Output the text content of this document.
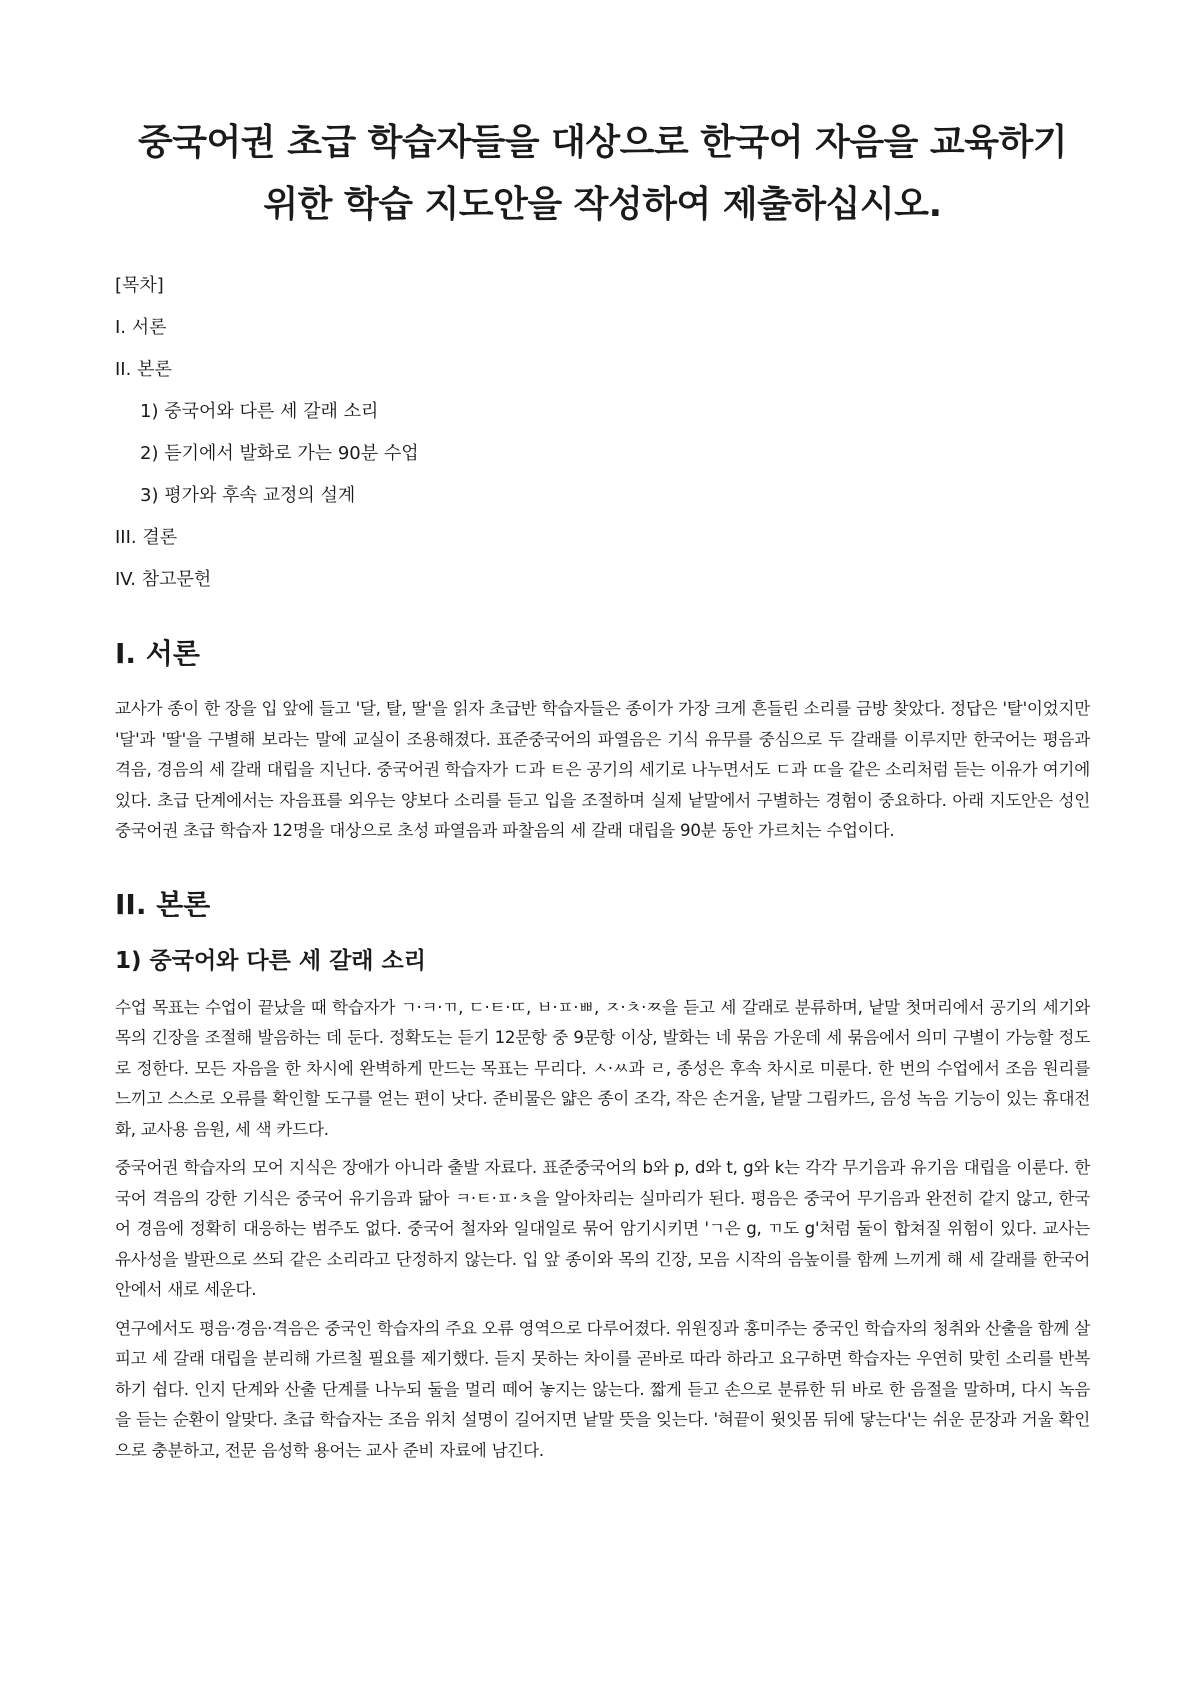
중국어권 초급 학습자들을 대상으로 한국어 자음을 교육하기 위한 학습 지도안을 작성하여 제출하십시오.
[목차]
I. 서론
II. 본론
1) 중국어와 다른 세 갈래 소리
2) 듣기에서 발화로 가는 90분 수업
3) 평가와 후속 교정의 설계
III. 결론
IV. 참고문헌
I. 서론

교사가 종이 한 장을 입 앞에 들고 '달, 탈, 딸'을 읽자 초급반 학습자들은 종이가 가장 크게 흔들린 소리를 금방 찾았다. 정답은 '탈'이었지만 '달'과 '딸'을 구별해 보라는 말에 교실이 조용해졌다. 표준중국어의 파열음은 기식 유무를 중심으로 두 갈래를 이루지만 한국어는 평음과 격음, 경음의 세 갈래 대립을 지닌다. 중국어권 학습자가 ㄷ과 ㅌ은 공기의 세기로 나누면서도 ㄷ과 ㄸ을 같은 소리처럼 듣는 이유가 여기에 있다. 초급 단계에서는 자음표를 외우는 양보다 소리를 듣고 입을 조절하며 실제 낱말에서 구별하는 경험이 중요하다. 아래 지도안은 성인 중국어권 초급 학습자 12명을 대상으로 초성 파열음과 파찰음의 세 갈래 대립을 90분 동안 가르치는 수업이다.

II. 본론
1) 중국어와 다른 세 갈래 소리

수업 목표는 수업이 끝났을 때 학습자가 ㄱ·ㅋ·ㄲ, ㄷ·ㅌ·ㄸ, ㅂ·ㅍ·ㅃ, ㅈ·ㅊ·ㅉ을 듣고 세 갈래로 분류하며, 낱말 첫머리에서 공기의 세기와 목의 긴장을 조절해 발음하는 데 둔다. 정확도는 듣기 12문항 중 9문항 이상, 발화는 네 묶음 가운데 세 묶음에서 의미 구별이 가능할 정도로 정한다. 모든 자음을 한 차시에 완벽하게 만드는 목표는 무리다. ㅅ·ㅆ과 ㄹ, 종성은 후속 차시로 미룬다. 한 번의 수업에서 조음 원리를 느끼고 스스로 오류를 확인할 도구를 얻는 편이 낫다. 준비물은 얇은 종이 조각, 작은 손거울, 낱말 그림카드, 음성 녹음 기능이 있는 휴대전화, 교사용 음원, 세 색 카드다.

중국어권 학습자의 모어 지식은 장애가 아니라 출발 자료다. 표준중국어의 b와 p, d와 t, g와 k는 각각 무기음과 유기음 대립을 이룬다. 한국어 격음의 강한 기식은 중국어 유기음과 닮아 ㅋ·ㅌ·ㅍ·ㅊ을 알아차리는 실마리가 된다. 평음은 중국어 무기음과 완전히 같지 않고, 한국어 경음에 정확히 대응하는 범주도 없다. 중국어 철자와 일대일로 묶어 암기시키면 'ㄱ은 g, ㄲ도 g'처럼 둘이 합쳐질 위험이 있다. 교사는 유사성을 발판으로 쓰되 같은 소리라고 단정하지 않는다. 입 앞 종이와 목의 긴장, 모음 시작의 음높이를 함께 느끼게 해 세 갈래를 한국어 안에서 새로 세운다.

연구에서도 평음·경음·격음은 중국인 학습자의 주요 오류 영역으로 다루어졌다. 위원징과 홍미주는 중국인 학습자의 청취와 산출을 함께 살피고 세 갈래 대립을 분리해 가르칠 필요를 제기했다. 듣지 못하는 차이를 곧바로 따라 하라고 요구하면 학습자는 우연히 맞힌 소리를 반복하기 쉽다. 인지 단계와 산출 단계를 나누되 둘을 멀리 떼어 놓지는 않는다. 짧게 듣고 손으로 분류한 뒤 바로 한 음절을 말하며, 다시 녹음을 듣는 순환이 알맞다. 초급 학습자는 조음 위치 설명이 길어지면 낱말 뜻을 잊는다. '혀끝이 윗잇몸 뒤에 닿는다'는 쉬운 문장과 거울 확인으로 충분하고, 전문 음성학 용어는 교사 준비 자료에 남긴다.
